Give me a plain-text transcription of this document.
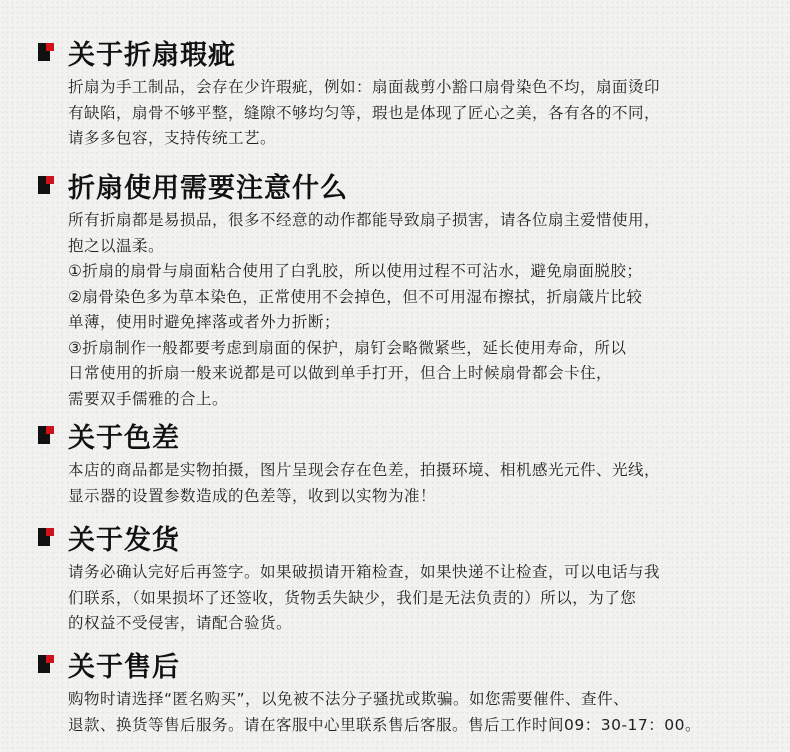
关于折扇瑕疵
折扇为手工制品，会存在少许瑕疵，例如：扇面裁剪小豁口扇骨染色不均，扇面烫印
有缺陷，扇骨不够平整，缝隙不够均匀等，瑕也是体现了匠心之美，各有各的不同，
请多多包容，支持传统工艺。
折扇使用需要注意什么
所有折扇都是易损品，很多不经意的动作都能导致扇子损害，请各位扇主爱惜使用，
抱之以温柔。
①折扇的扇骨与扇面粘合使用了白乳胶，所以使用过程不可沾水，避免扇面脱胶；
②扇骨染色多为草本染色，正常使用不会掉色，但不可用湿布擦拭，折扇箴片比较
单薄，使用时避免摔落或者外力折断；
③折扇制作一般都要考虑到扇面的保护，扇钉会略微紧些，延长使用寿命，所以
日常使用的折扇一般来说都是可以做到单手打开，但合上时候扇骨都会卡住，
需要双手儒雅的合上。
关于色差
本店的商品都是实物拍摄，图片呈现会存在色差，拍摄环境、相机感光元件、光线，
显示器的设置参数造成的色差等，收到以实物为准！
关于发货
请务必确认完好后再签字。如果破损请开箱检查，如果快递不让检查，可以电话与我
们联系，（如果损坏了还签收，货物丢失缺少，我们是无法负责的）所以，为了您
的权益不受侵害，请配合验货。
关于售后
购物时请选择“匿名购买”，以免被不法分子骚扰或欺骗。如您需要催件、查件、
退款、换货等售后服务。请在客服中心里联系售后客服。售后工作时间09：30-17：00。
